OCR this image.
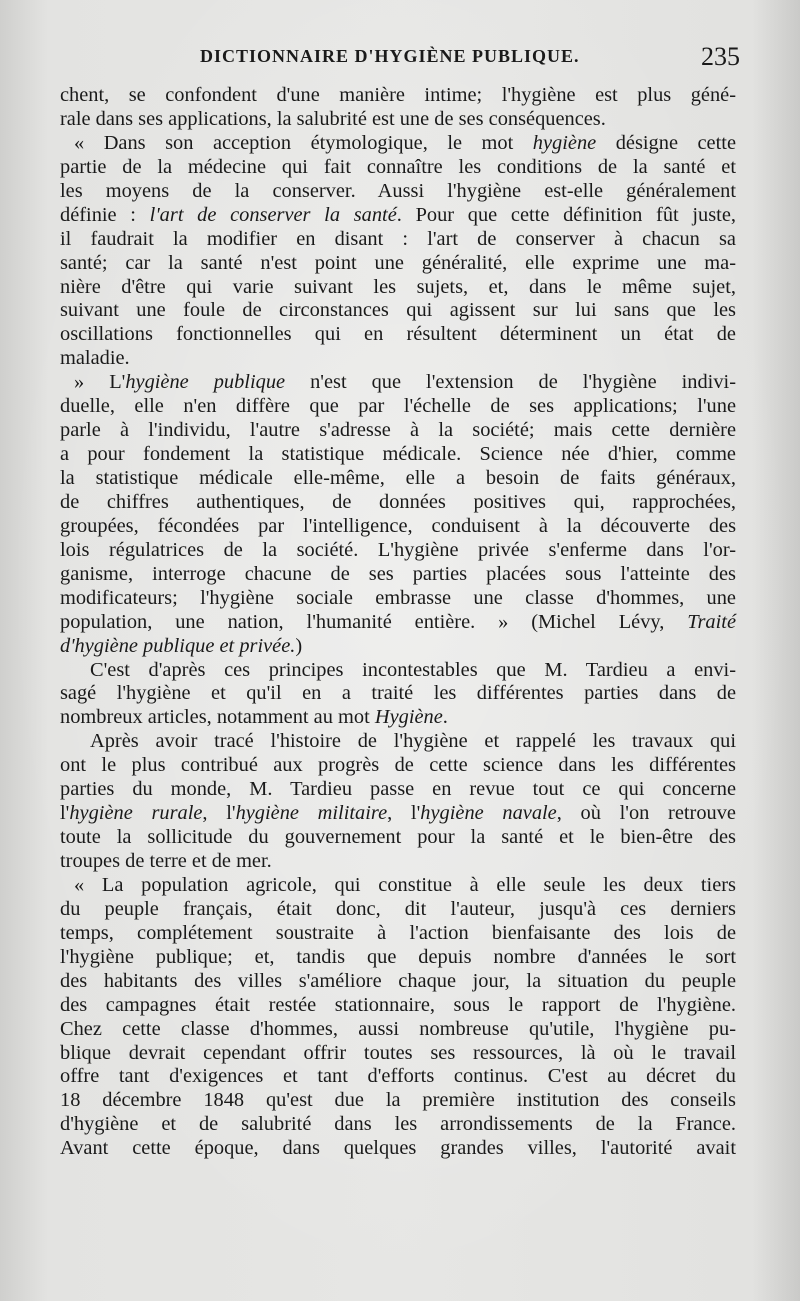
DICTIONNAIRE D'HYGIÈNE PUBLIQUE.	235
chent, se confondent d'une manière intime; l'hygiène est plus géné-
rale dans ses applications, la salubrité est une de ses conséquences.
« Dans son acception étymologique, le mot hygiène désigne cette
partie de la médecine qui fait connaître les conditions de la santé et
les moyens de la conserver. Aussi l'hygiène est-elle généralement
définie : l'art de conserver la santé. Pour que cette définition fût juste,
il faudrait la modifier en disant : l'art de conserver à chacun sa
santé; car la santé n'est point une généralité, elle exprime une ma-
nière d'être qui varie suivant les sujets, et, dans le même sujet,
suivant une foule de circonstances qui agissent sur lui sans que les
oscillations fonctionnelles qui en résultent déterminent un état de
maladie.
» L'hygiène publique n'est que l'extension de l'hygiène indivi-
duelle, elle n'en diffère que par l'échelle de ses applications; l'une
parle à l'individu, l'autre s'adresse à la société; mais cette dernière
a pour fondement la statistique médicale. Science née d'hier, comme
la statistique médicale elle-même, elle a besoin de faits généraux,
de chiffres authentiques, de données positives qui, rapprochées,
groupées, fécondées par l'intelligence, conduisent à la découverte des
lois régulatrices de la société. L'hygiène privée s'enferme dans l'or-
ganisme, interroge chacune de ses parties placées sous l'atteinte des
modificateurs; l'hygiène sociale embrasse une classe d'hommes, une
population, une nation, l'humanité entière. » (Michel Lévy, Traité
d'hygiène publique et privée.)
C'est d'après ces principes incontestables que M. Tardieu a envi-
sagé l'hygiène et qu'il en a traité les différentes parties dans de
nombreux articles, notamment au mot Hygiène.
Après avoir tracé l'histoire de l'hygiène et rappelé les travaux qui
ont le plus contribué aux progrès de cette science dans les différentes
parties du monde, M. Tardieu passe en revue tout ce qui concerne
l'hygiène rurale, l'hygiène militaire, l'hygiène navale, où l'on retrouve
toute la sollicitude du gouvernement pour la santé et le bien-être des
troupes de terre et de mer.
« La population agricole, qui constitue à elle seule les deux tiers
du peuple français, était donc, dit l'auteur, jusqu'à ces derniers
temps, complétement soustraite à l'action bienfaisante des lois de
l'hygiène publique; et, tandis que depuis nombre d'années le sort
des habitants des villes s'améliore chaque jour, la situation du peuple
des campagnes était restée stationnaire, sous le rapport de l'hygiène.
Chez cette classe d'hommes, aussi nombreuse qu'utile, l'hygiène pu-
blique devrait cependant offrir toutes ses ressources, là où le travail
offre tant d'exigences et tant d'efforts continus. C'est au décret du
18 décembre 1848 qu'est due la première institution des conseils
d'hygiène et de salubrité dans les arrondissements de la France.
Avant cette époque, dans quelques grandes villes, l'autorité avait
